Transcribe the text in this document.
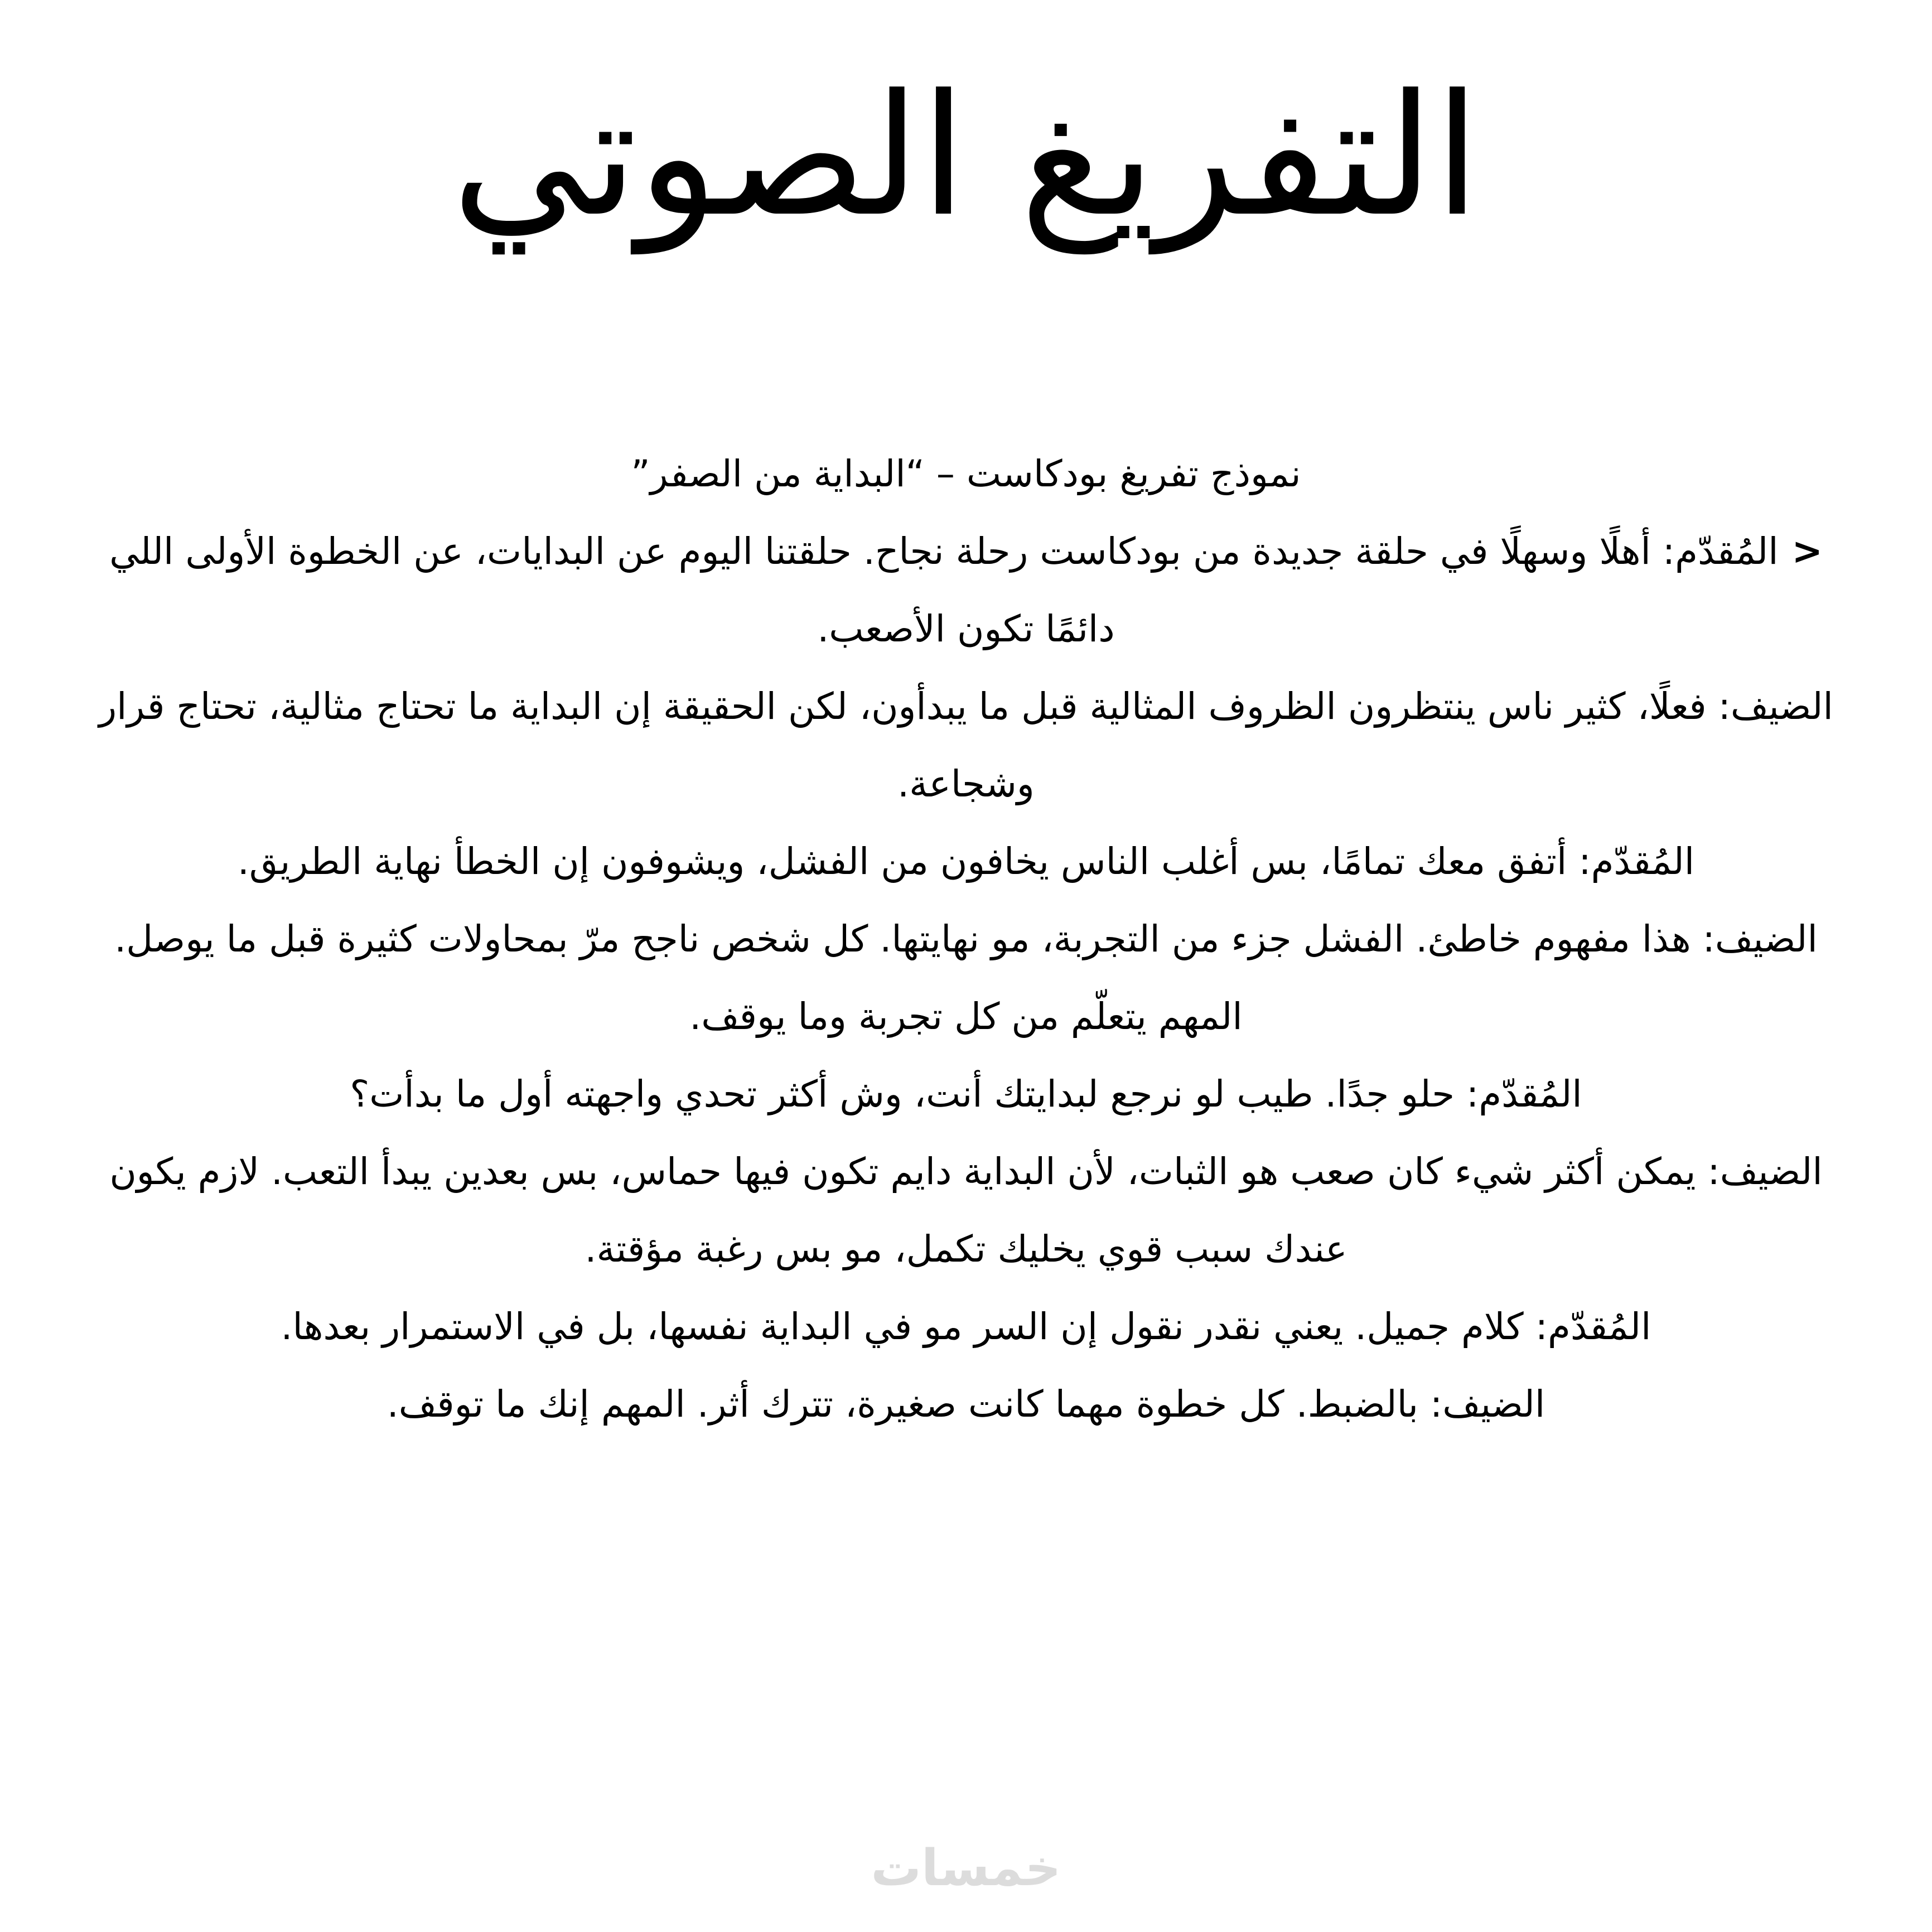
التفريغ الصوتي

نموذج تفريغ بودكاست – “البداية من الصفر”

<المُقدّم: أهلًا وسهلًا في حلقة جديدة من بودكاست رحلة نجاح. حلقتنا اليوم عن البدايات، عن الخطوة الأولى اللي دائمًا تكون الأصعب.

الضيف: فعلًا، كثير ناس ينتظرون الظروف المثالية قبل ما يبدأون، لكن الحقيقة إن البداية ما تحتاج مثالية، تحتاج قرار وشجاعة.

المُقدّم: أتفق معك تمامًا، بس أغلب الناس يخافون من الفشل، ويشوفون إن الخطأ نهاية الطريق.

الضيف: هذا مفهوم خاطئ. الفشل جزء من التجربة، مو نهايتها. كل شخص ناجح مرّ بمحاولات كثيرة قبل ما يوصل. المهم يتعلّم من كل تجربة وما يوقف.

المُقدّم: حلو جدًا. طيب لو نرجع لبدايتك أنت، وش أكثر تحدي واجهته أول ما بدأت؟

الضيف: يمكن أكثر شيء كان صعب هو الثبات، لأن البداية دايم تكون فيها حماس، بس بعدين يبدأ التعب. لازم يكون عندك سبب قوي يخليك تكمل، مو بس رغبة مؤقتة.

المُقدّم: كلام جميل. يعني نقدر نقول إن السر مو في البداية نفسها، بل في الاستمرار بعدها.

الضيف: بالضبط. كل خطوة مهما كانت صغيرة، تترك أثر. المهم إنك ما توقف.

خمسات
